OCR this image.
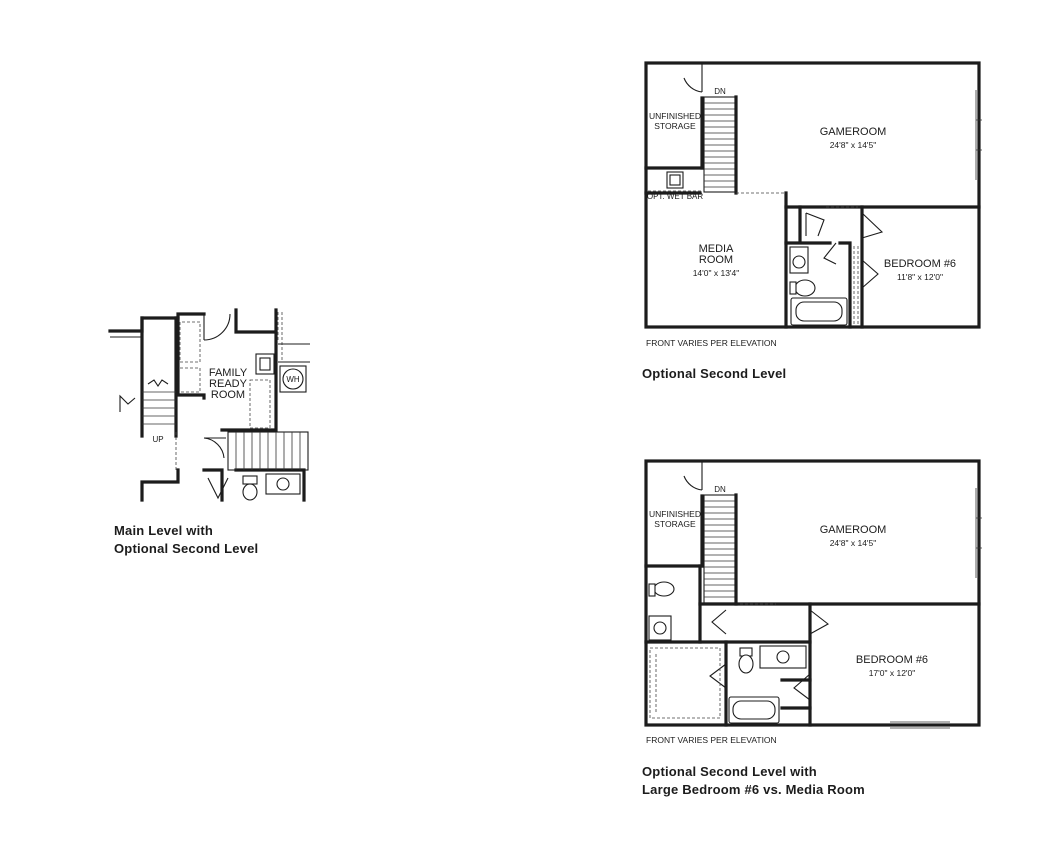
WH
FAMILY
READY
ROOM
UP
DN
UNFINISHED
STORAGE	GAMEROOM
24'8" x 14'5"
OPT. WET BAR
MEDIA
ROOM
14'0" x 13'4"
BEDROOM #6
11'8" x 12'0"
DN
UNFINISHED
STORAGE	GAMEROOM
24'8" x 14'5"
BEDROOM #6
17'0" x 12'0"
Main Level with
Optional Second Level
FRONT VARIES PER ELEVATION
Optional Second Level
FRONT VARIES PER ELEVATION
Optional Second Level with
Large Bedroom #6 vs. Media Room
